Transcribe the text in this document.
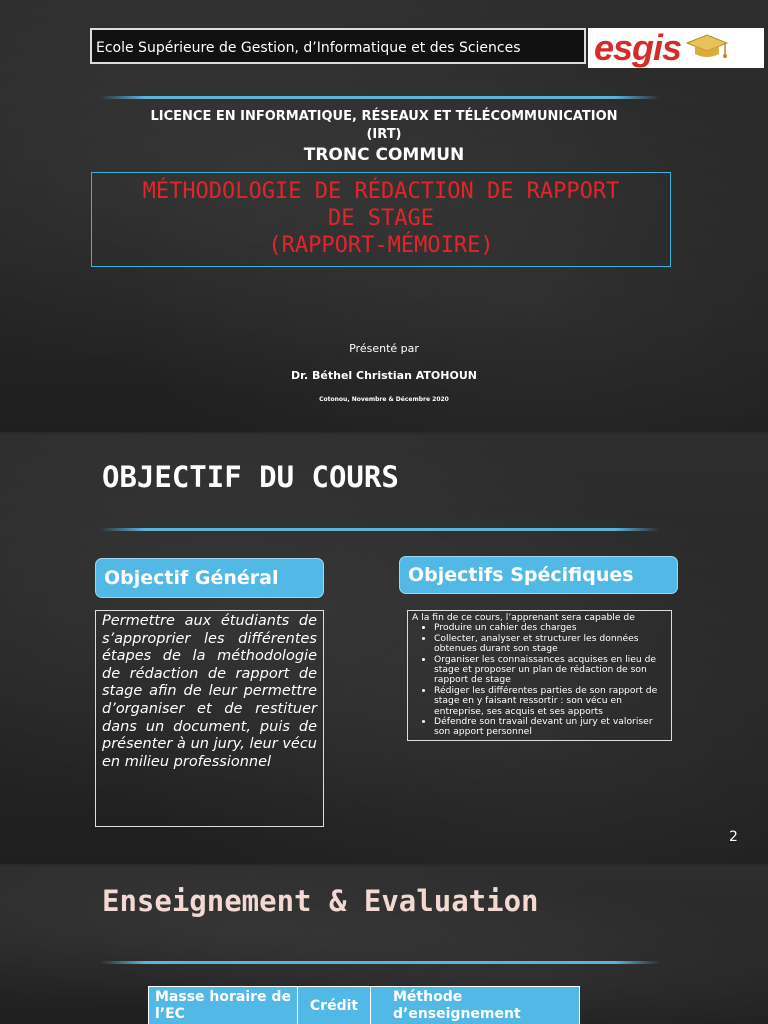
Ecole Supérieure de Gestion, d’Informatique et des Sciences	esgis
LICENCE EN INFORMATIQUE, RÉSEAUX ET TÉLÉCOMMUNICATION
(IRT)
TRONC COMMUN
MÉTHODOLOGIE DE RÉDACTION DE RAPPORT
DE STAGE
(RAPPORT-MÉMOIRE)
Présenté par
Dr. Béthel Christian ATOHOUN
Cotonou, Novembre & Décembre 2020
OBJECTIF DU COURS
Objectif Général	Objectifs Spécifiques
Permettre aux étudiants de s’approprier les différentes étapes de la méthodologie de rédaction de rapport de stage afin de leur permettre d’organiser et de restituer dans un document, puis de présenter à un jury, leur vécu en milieu professionnel
A la fin de ce cours, l’apprenant sera capable de
• Produire un cahier des charges
• Collecter, analyser et structurer les données obtenues durant son stage
• Organiser les connaissances acquises en lieu de stage et proposer un plan de rédaction de son rapport de stage
• Rédiger les différentes parties de son rapport de stage en y faisant ressortir : son vécu en entreprise, ses acquis et ses apports
• Défendre son travail devant un jury et valoriser son apport personnel
2
Enseignement & Evaluation
Masse horaire de l’EC	Crédit	Méthode d’enseignement
